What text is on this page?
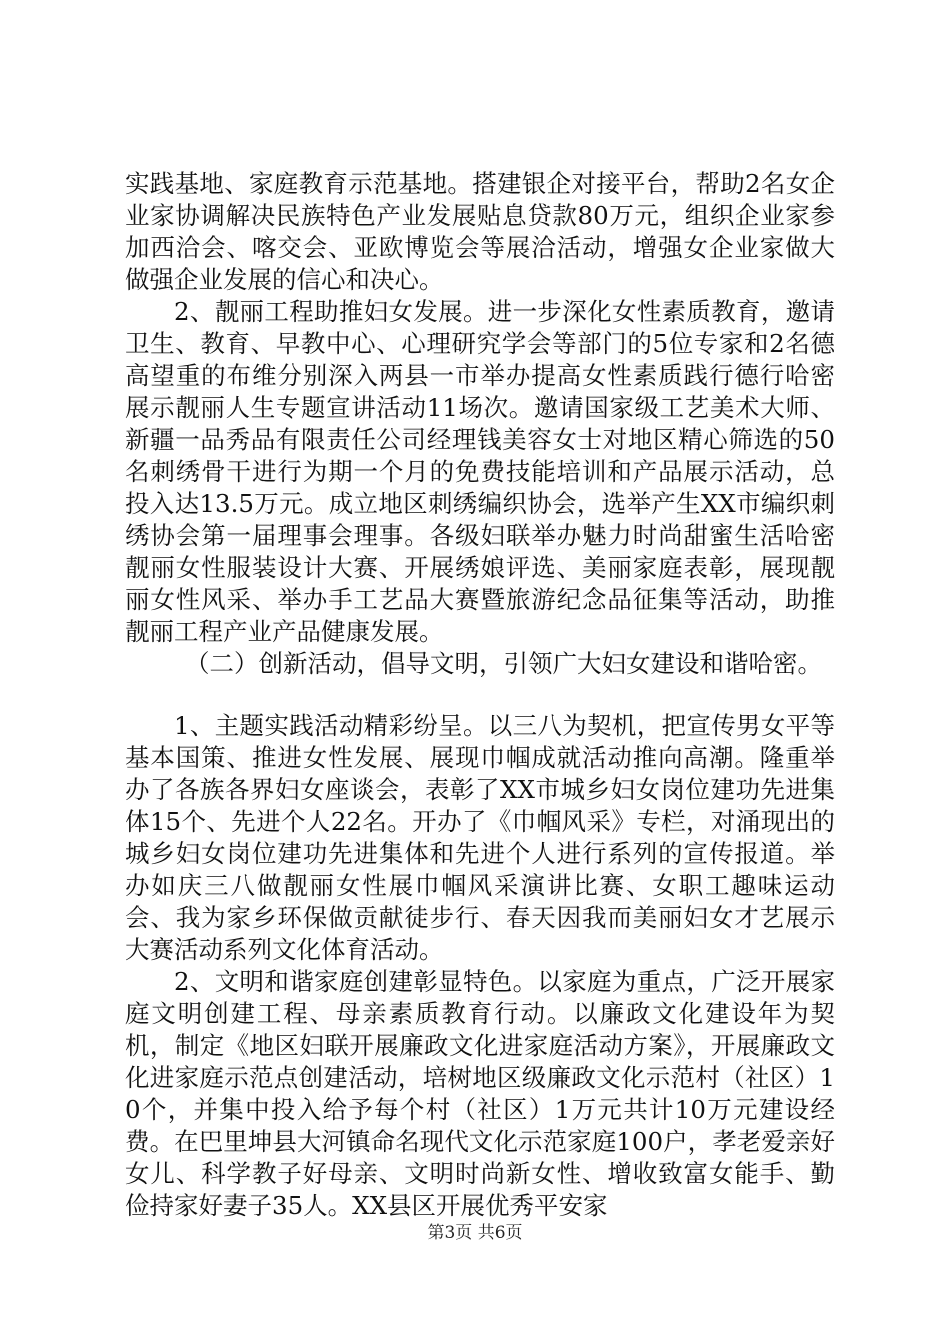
实践基地、家庭教育示范基地。搭建银企对接平台，帮助2名女企业家协调解决民族特色产业发展贴息贷款80万元，组织企业家参加西洽会、喀交会、亚欧博览会等展洽活动，增强女企业家做大做强企业发展的信心和决心。

2、靓丽工程助推妇女发展。进一步深化女性素质教育，邀请卫生、教育、早教中心、心理研究学会等部门的5位专家和2名德高望重的布维分别深入两县一市举办提高女性素质践行德行哈密展示靓丽人生专题宣讲活动11场次。邀请国家级工艺美术大师、新疆一品秀品有限责任公司经理钱美容女士对地区精心筛选的50名刺绣骨干进行为期一个月的免费技能培训和产品展示活动，总投入达13.5万元。成立地区刺绣编织协会，选举产生XX市编织刺绣协会第一届理事会理事。各级妇联举办魅力时尚甜蜜生活哈密靓丽女性服装设计大赛、开展绣娘评选、美丽家庭表彰，展现靓丽女性风采、举办手工艺品大赛暨旅游纪念品征集等活动，助推靓丽工程产业产品健康发展。

（二）创新活动，倡导文明，引领广大妇女建设和谐哈密。

1、主题实践活动精彩纷呈。以三八为契机，把宣传男女平等基本国策、推进女性发展、展现巾帼成就活动推向高潮。隆重举办了各族各界妇女座谈会，表彰了XX市城乡妇女岗位建功先进集体15个、先进个人22名。开办了《巾帼风采》专栏，对涌现出的城乡妇女岗位建功先进集体和先进个人进行系列的宣传报道。举办如庆三八做靓丽女性展巾帼风采演讲比赛、女职工趣味运动会、我为家乡环保做贡献徒步行、春天因我而美丽妇女才艺展示大赛活动系列文化体育活动。

2、文明和谐家庭创建彰显特色。以家庭为重点，广泛开展家庭文明创建工程、母亲素质教育行动。以廉政文化建设年为契机，制定《地区妇联开展廉政文化进家庭活动方案》，开展廉政文化进家庭示范点创建活动，培树地区级廉政文化示范村（社区）10个，并集中投入给予每个村（社区）1万元共计10万元建设经费。在巴里坤县大河镇命名现代文化示范家庭100户，孝老爱亲好女儿、科学教子好母亲、文明时尚新女性、增收致富女能手、勤俭持家好妻子35人。XX县区开展优秀平安家

第3页 共6页
